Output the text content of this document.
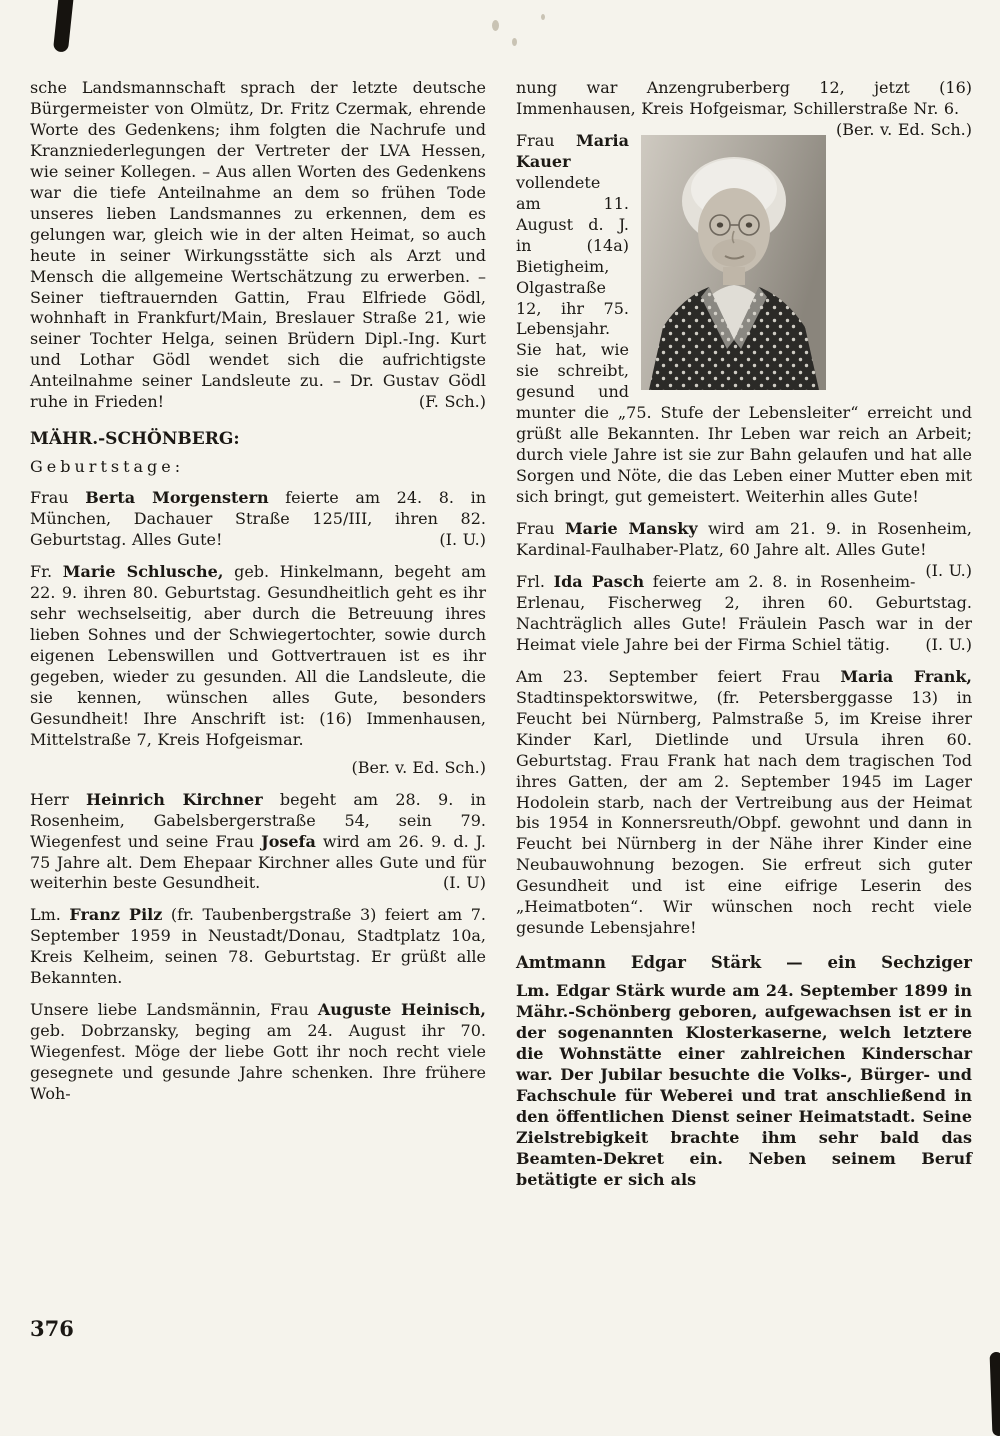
sche Landsmannschaft sprach der letzte deutsche Bürgermeister von Olmütz, Dr. Fritz Czermak, ehrende Worte des Gedenkens; ihm folgten die Nachrufe und Kranzniederlegungen der Vertreter der LVA Hessen, wie seiner Kollegen. – Aus allen Worten des Gedenkens war die tiefe Anteilnahme an dem so frühen Tode unseres lieben Landsmannes zu erkennen, dem es gelungen war, gleich wie in der alten Heimat, so auch heute in seiner Wirkungsstätte sich als Arzt und Mensch die allgemeine Wertschätzung zu erwerben. – Seiner tieftrauernden Gattin, Frau Elfriede Gödl, wohnhaft in Frankfurt/Main, Breslauer Straße 21, wie seiner Tochter Helga, seinen Brüdern Dipl.-Ing. Kurt und Lothar Gödl wendet sich die aufrichtigste Anteilnahme seiner Landsleute zu. – Dr. Gustav Gödl ruhe in Frieden!	(F. Sch.)

MÄHR.-SCHÖNBERG:
Geburtstage:

Frau Berta Morgenstern feierte am 24. 8. in München, Dachauer Straße 125/III, ihren 82. Geburtstag. Alles Gute!	(I. U.)

Fr. Marie Schlusche, geb. Hinkelmann, begeht am 22. 9. ihren 80. Geburtstag. Gesundheitlich geht es ihr sehr wechselseitig, aber durch die Betreuung ihres lieben Sohnes und der Schwiegertochter, sowie durch eigenen Lebenswillen und Gottvertrauen ist es ihr gegeben, wieder zu gesunden. All die Landsleute, die sie kennen, wünschen alles Gute, besonders Gesundheit! Ihre Anschrift ist: (16) Immenhausen, Mittelstraße 7, Kreis Hofgeismar.

(Ber. v. Ed. Sch.)

Herr Heinrich Kirchner begeht am 28. 9. in Rosenheim, Gabelsbergerstraße 54, sein 79. Wiegenfest und seine Frau Josefa wird am 26. 9. d. J. 75 Jahre alt. Dem Ehepaar Kirchner alles Gute und für weiterhin beste Gesundheit.	(I. U)

Lm. Franz Pilz (fr. Taubenbergstraße 3) feiert am 7. September 1959 in Neustadt/Donau, Stadtplatz 10a, Kreis Kelheim, seinen 78. Geburtstag. Er grüßt alle Bekannten.

Unsere liebe Landsmännin, Frau Auguste Heinisch, geb. Dobrzansky, beging am 24. August ihr 70. Wiegenfest. Möge der liebe Gott ihr noch recht viele gesegnete und gesunde Jahre schenken. Ihre frühere Woh-

nung war Anzengruberberg 12, jetzt (16) Immenhausen, Kreis Hofgeismar, Schillerstraße Nr. 6.
(Ber. v. Ed. Sch.)

Frau Maria Kauer vollendete am 11. August d. J. in (14a) Bietigheim, Olgastraße 12, ihr 75. Lebensjahr. Sie hat, wie sie schreibt, gesund und munter die „75. Stufe der Lebensleiter“ erreicht und grüßt alle Bekannten. Ihr Leben war reich an Arbeit; durch viele Jahre ist sie zur Bahn gelaufen und hat alle Sorgen und Nöte, die das Leben einer Mutter eben mit sich bringt, gut gemeistert. Weiterhin alles Gute!

Frau Marie Mansky wird am 21. 9. in Rosenheim, Kardinal-Faulhaber-Platz, 60 Jahre alt. Alles Gute!
(I. U.)

Frl. Ida Pasch feierte am 2. 8. in Rosenheim-Erlenau, Fischerweg 2, ihren 60. Geburtstag. Nachträglich alles Gute! Fräulein Pasch war in der Heimat viele Jahre bei der Firma Schiel tätig.	(I. U.)

Am 23. September feiert Frau Maria Frank, Stadtinspektorswitwe, (fr. Petersberggasse 13) in Feucht bei Nürnberg, Palmstraße 5, im Kreise ihrer Kinder Karl, Dietlinde und Ursula ihren 60. Geburtstag. Frau Frank hat nach dem tragischen Tod ihres Gatten, der am 2. September 1945 im Lager Hodolein starb, nach der Vertreibung aus der Heimat bis 1954 in Konnersreuth/Obpf. gewohnt und dann in Feucht bei Nürnberg in der Nähe ihrer Kinder eine Neubauwohnung bezogen. Sie erfreut sich guter Gesundheit und ist eine eifrige Leserin des „Heimatboten“. Wir wünschen noch recht viele gesunde Lebensjahre!

Amtmann Edgar Stärk — ein Sechziger

Lm. Edgar Stärk wurde am 24. September 1899 in Mähr.-Schönberg geboren, aufgewachsen ist er in der sogenannten Klosterkaserne, welch letztere die Wohnstätte einer zahlreichen Kinderschar war. Der Jubilar besuchte die Volks-, Bürger- und Fachschule für Weberei und trat anschließend in den öffentlichen Dienst seiner Heimatstadt. Seine Zielstrebigkeit brachte ihm sehr bald das Beamten-Dekret ein. Neben seinem Beruf betätigte er sich als

376
